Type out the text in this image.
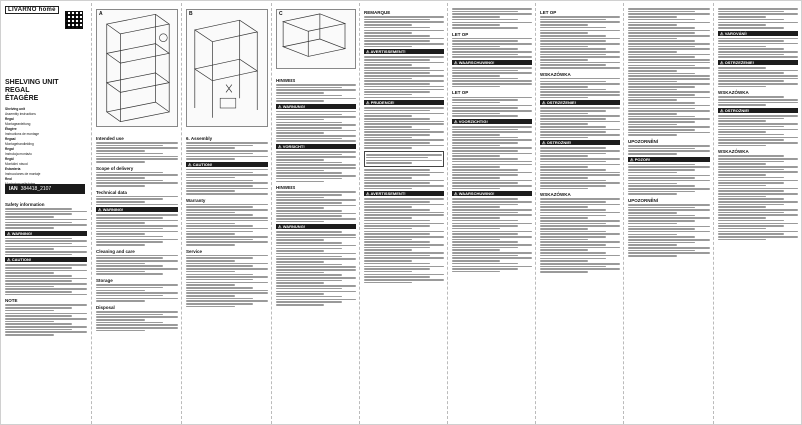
LIVARNO home
SHELVING UNIT
REGAL
ÉTAGÈRE
Shelving unit
Assembly instructions
Regal
Montageanleitung
Étagère
Instructions de montage
Regaal
Montagehandleiding
Regał
Instrukcja montażu
Regál
Montážní návod
Estantería
Instrucciones de montaje
Reol
IAN 384418_2107
Safety information
⚠ WARNING!
⚠ CAUTION!
NOTE
A
Intended use
Scope of delivery
Technical data
⚠ WARNING!
Cleaning and care
Storage
Disposal
B
6. Assembly
⚠ CAUTION!
Warranty
Service
C
HINWEIS
⚠ WARNUNG!
⚠ VORSICHT!
HINWEIS
⚠ WARNUNG!
REMARQUE
⚠ AVERTISSEMENT!
⚠ PRUDENCE!
⚠ AVERTISSEMENT!
LET OP
⚠ WAARSCHUWING!
LET OP
⚠ VOORZICHTIG!
⚠ WAARSCHUWING!
LET OP
WSKAZÓWKA
⚠ OSTRZEŻENIE!
⚠ OSTROŻNIE!
WSKAZÓWKA
UPOZORNĚNÍ
⚠ POZOR!
UPOZORNĚNÍ
⚠ VAROVÁNÍ!
⚠ OSTRZEŻENIE!
WSKAZÓWKA
⚠ OSTROŻNIE!
WSKAZÓWKA
